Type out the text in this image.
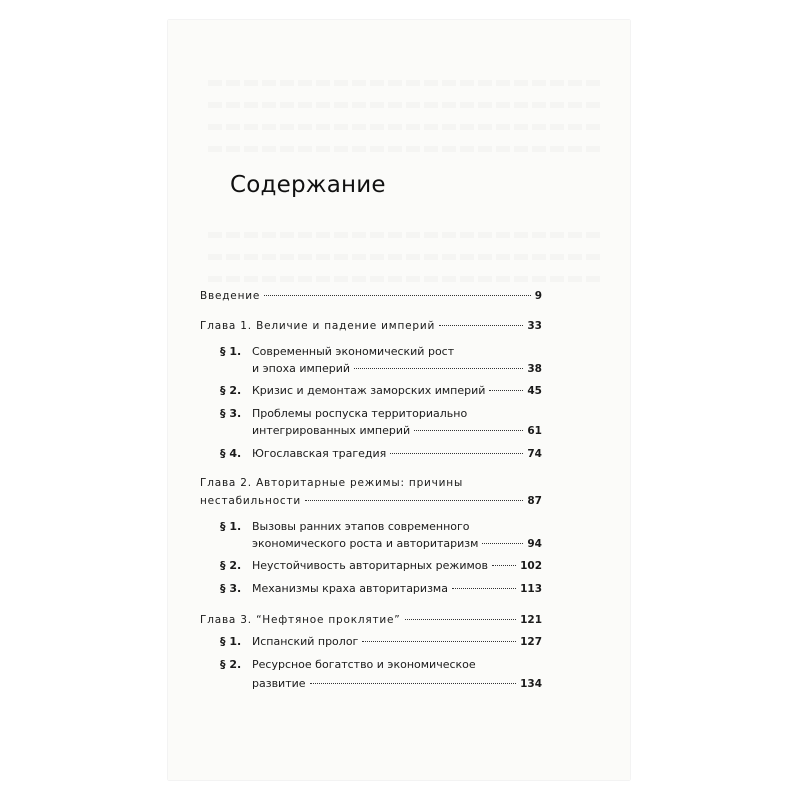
Содержание
Введение	9
Глава 1. Величие и падение империй	33
§ 1. Современный экономический рост
и эпоха империй	38
§ 2. Кризис и демонтаж заморских империй	45
§ 3. Проблемы роспуска территориально
интегрированных империй	61
§ 4. Югославская трагедия	74
Глава 2. Авторитарные режимы: причины
нестабильности	87
§ 1. Вызовы ранних этапов современного
экономического роста и авторитаризм	94
§ 2. Неустойчивость авторитарных режимов	102
§ 3. Механизмы краха авторитаризма	113
Глава 3. “Нефтяное проклятие”	121
§ 1. Испанский пролог	127
§ 2. Ресурсное богатство и экономическое
развитие	134
